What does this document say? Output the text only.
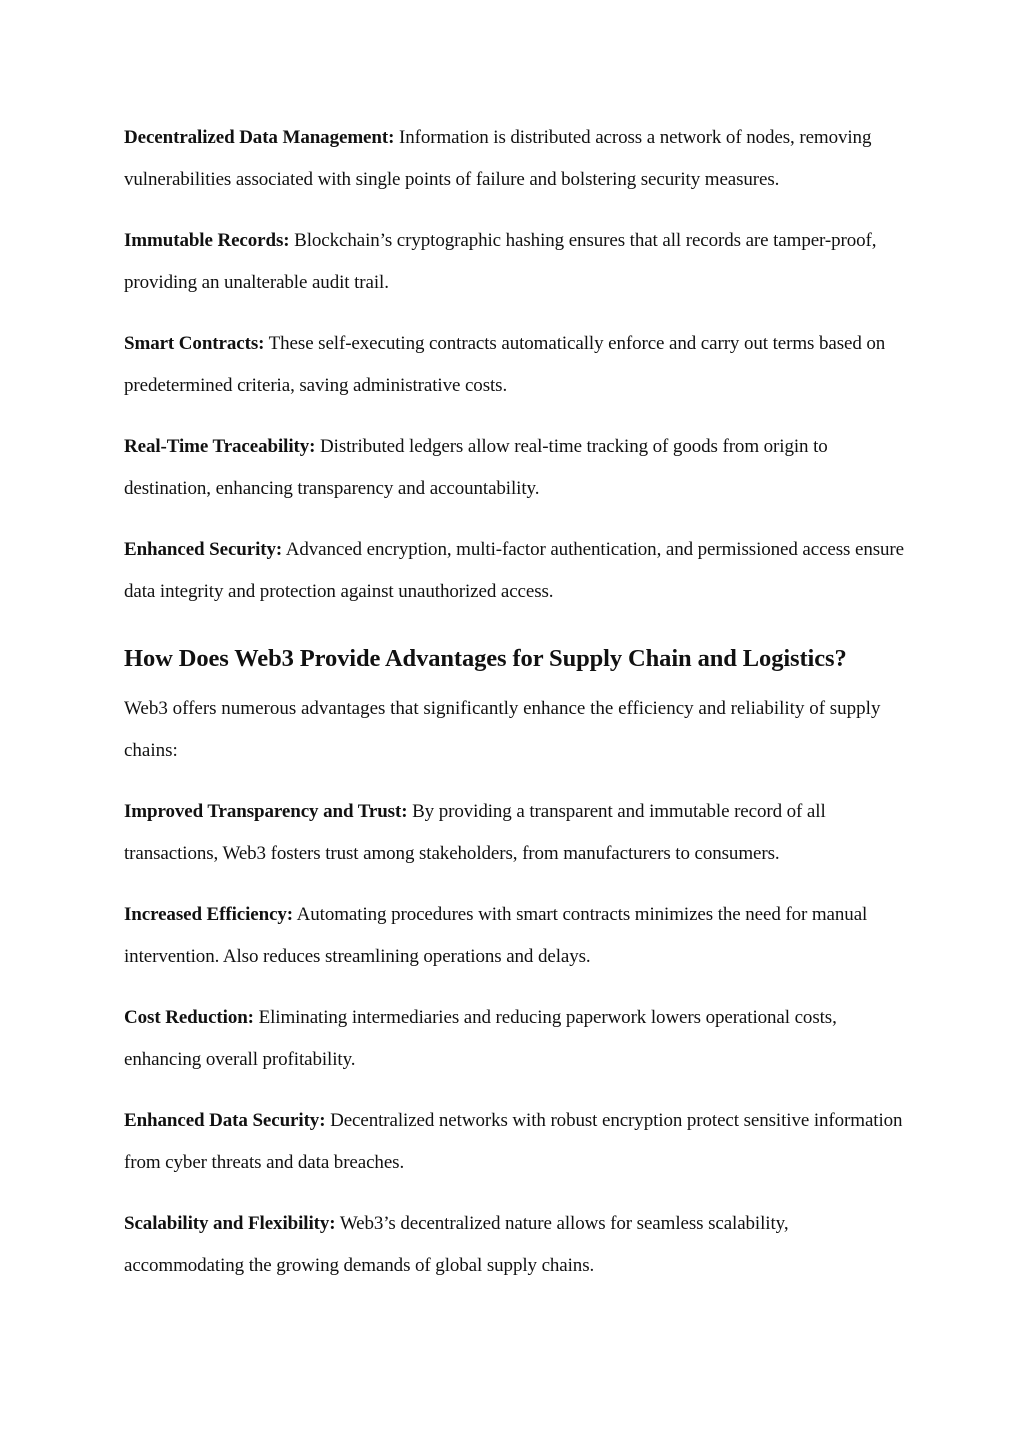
Decentralized Data Management: Information is distributed across a network of nodes, removing vulnerabilities associated with single points of failure and bolstering security measures.

Immutable Records: Blockchain’s cryptographic hashing ensures that all records are tamper-proof, providing an unalterable audit trail.

Smart Contracts: These self-executing contracts automatically enforce and carry out terms based on predetermined criteria, saving administrative costs.

Real-Time Traceability: Distributed ledgers allow real-time tracking of goods from origin to destination, enhancing transparency and accountability.

Enhanced Security: Advanced encryption, multi-factor authentication, and permissioned access ensure data integrity and protection against unauthorized access.

How Does Web3 Provide Advantages for Supply Chain and Logistics?

Web3 offers numerous advantages that significantly enhance the efficiency and reliability of supply chains:

Improved Transparency and Trust: By providing a transparent and immutable record of all transactions, Web3 fosters trust among stakeholders, from manufacturers to consumers.

Increased Efficiency: Automating procedures with smart contracts minimizes the need for manual intervention. Also reduces streamlining operations and delays.

Cost Reduction: Eliminating intermediaries and reducing paperwork lowers operational costs, enhancing overall profitability.

Enhanced Data Security: Decentralized networks with robust encryption protect sensitive information from cyber threats and data breaches.

Scalability and Flexibility: Web3’s decentralized nature allows for seamless scalability, accommodating the growing demands of global supply chains.
